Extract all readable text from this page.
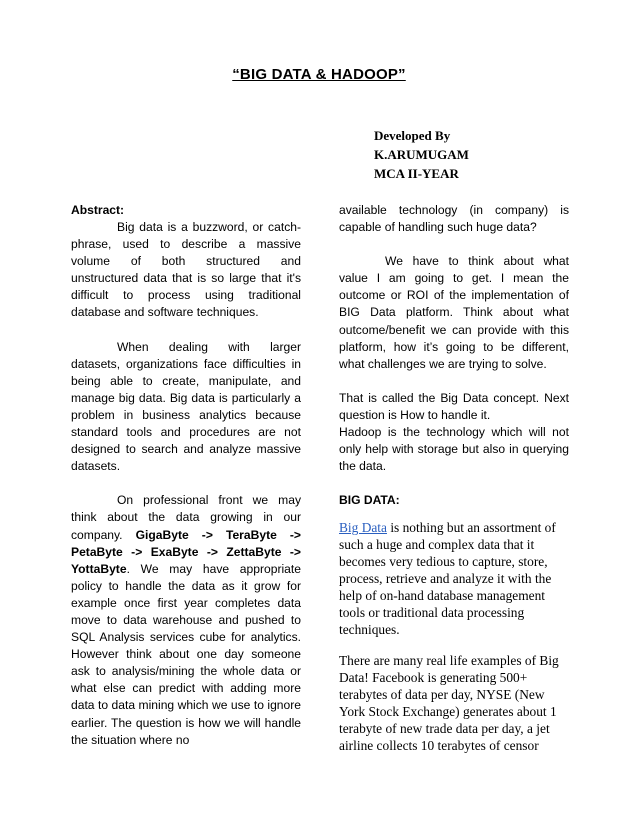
“BIG DATA & HADOOP”
Developed By
K.ARUMUGAM
MCA II-YEAR

Abstract:

Big data is a buzzword, or catch-phrase, used to describe a massive volume of both structured and unstructured data that is so large that it's difficult to process using traditional database and software techniques.

When dealing with larger datasets, organizations face difficulties in being able to create, manipulate, and manage big data. Big data is particularly a problem in business analytics because standard tools and procedures are not designed to search and analyze massive datasets.

On professional front we may think about the data growing in our company. GigaByte -> TeraByte -> PetaByte -> ExaByte -> ZettaByte -> YottaByte. We may have appropriate policy to handle the data as it grow for example once first year completes data move to data warehouse and pushed to SQL Analysis services cube for analytics. However think about one day someone ask to analysis/mining the whole data or what else can predict with adding more data to data mining which we use to ignore earlier. The question is how we will handle the situation where no

available technology (in company) is capable of handling such huge data?

We have to think about what value I am going to get. I mean the outcome or ROI of the implementation of BIG Data platform. Think about what outcome/benefit we can provide with this platform, how it’s going to be different, what challenges we are trying to solve.

That is called the Big Data concept. Next question is How to handle it.

Hadoop is the technology which will not only help with storage but also in querying the data.

BIG DATA:

Big Data is nothing but an assortment of such a huge and complex data that it becomes very tedious to capture, store, process, retrieve and analyze it with the help of on-hand database management tools or traditional data processing techniques.

There are many real life examples of Big Data! Facebook is generating 500+ terabytes of data per day, NYSE (New York Stock Exchange) generates about 1 terabyte of new trade data per day, a jet airline collects 10 terabytes of censor
